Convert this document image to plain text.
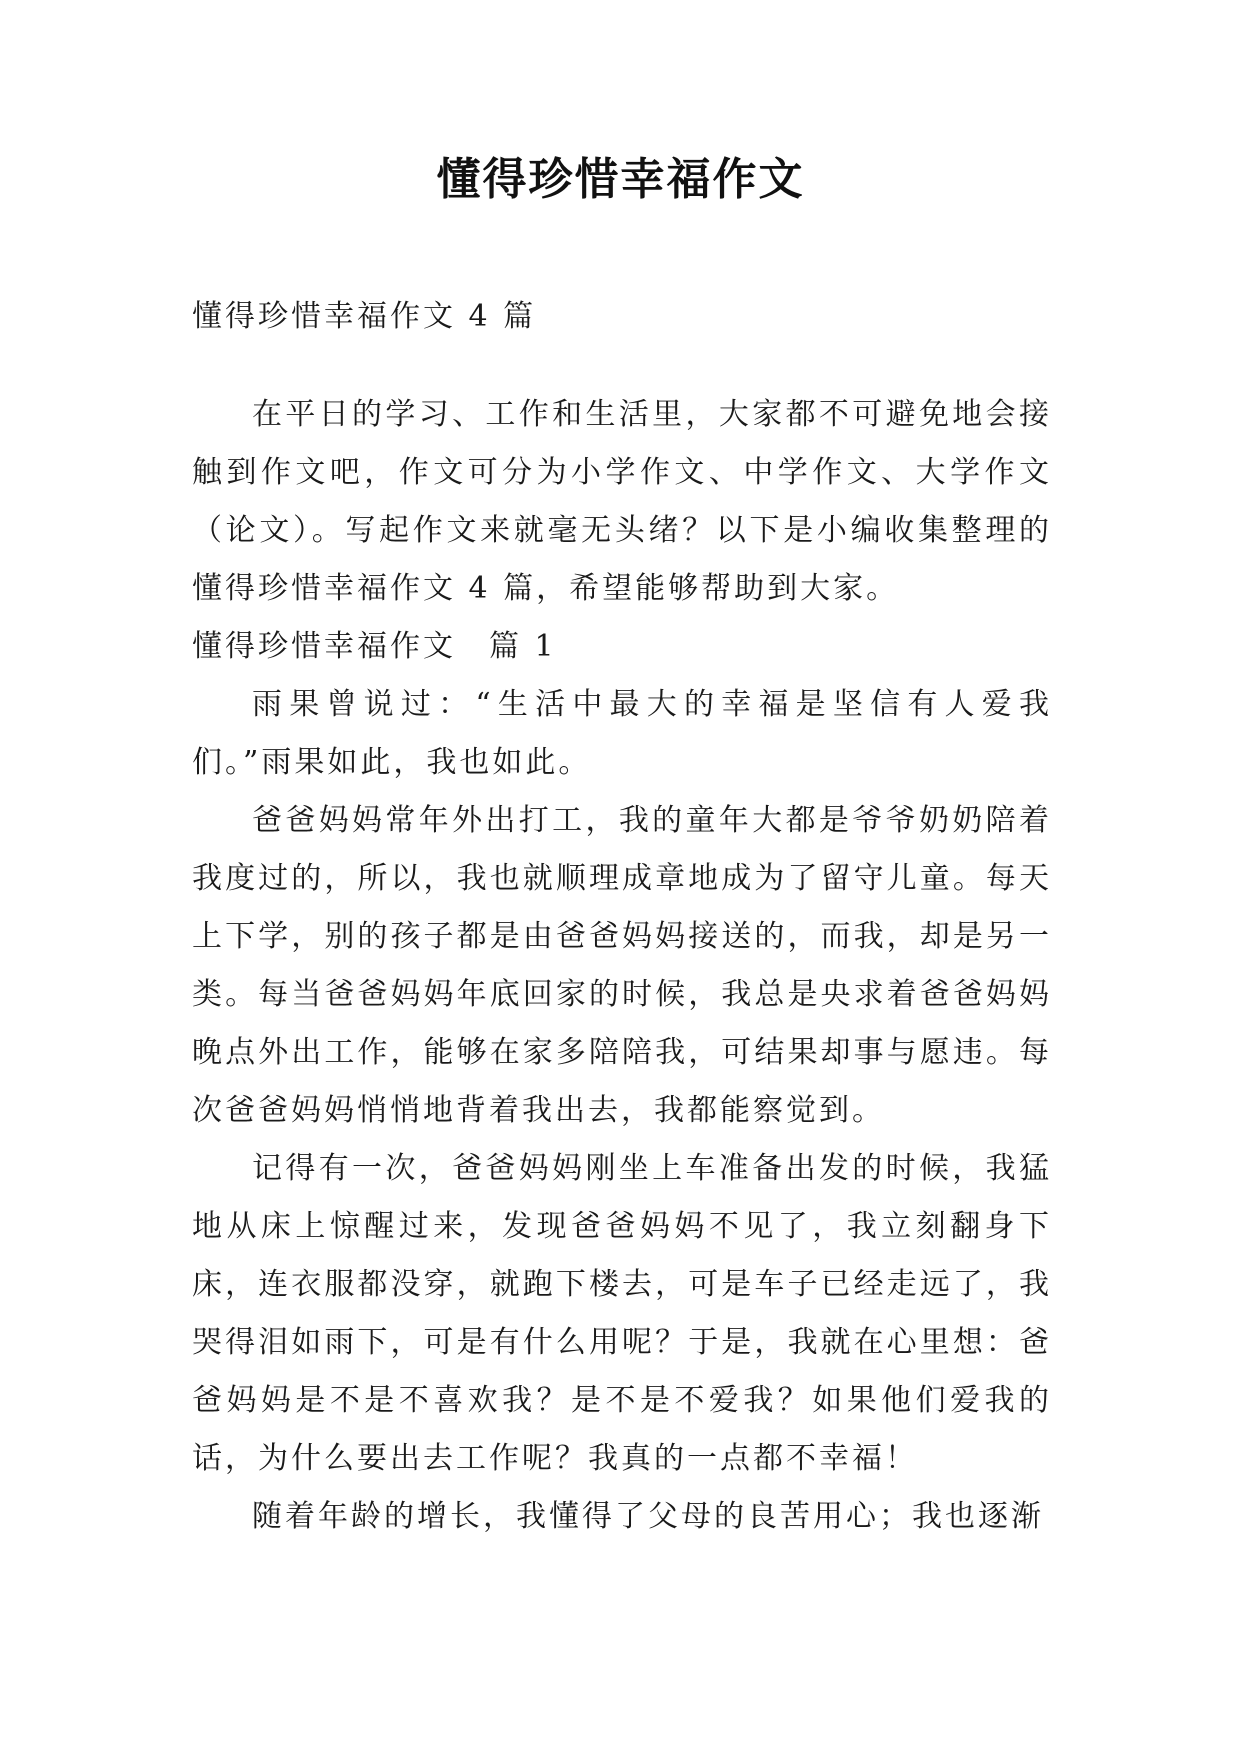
懂得珍惜幸福作文

懂得珍惜幸福作文 4 篇

在平日的学习、工作和生活里，大家都不可避免地会接触到作文吧，作文可分为小学作文、中学作文、大学作文（论文）。写起作文来就毫无头绪？以下是小编收集整理的懂得珍惜幸福作文 4 篇，希望能够帮助到大家。

懂得珍惜幸福作文　篇 1

雨果曾说过：“生活中最大的幸福是坚信有人爱我们。”雨果如此，我也如此。

爸爸妈妈常年外出打工，我的童年大都是爷爷奶奶陪着我度过的，所以，我也就顺理成章地成为了留守儿童。每天上下学，别的孩子都是由爸爸妈妈接送的，而我，却是另一类。每当爸爸妈妈年底回家的时候，我总是央求着爸爸妈妈晚点外出工作，能够在家多陪陪我，可结果却事与愿违。每次爸爸妈妈悄悄地背着我出去，我都能察觉到。

记得有一次，爸爸妈妈刚坐上车准备出发的时候，我猛地从床上惊醒过来，发现爸爸妈妈不见了，我立刻翻身下床，连衣服都没穿，就跑下楼去，可是车子已经走远了，我哭得泪如雨下，可是有什么用呢？于是，我就在心里想：爸爸妈妈是不是不喜欢我？是不是不爱我？如果他们爱我的话，为什么要出去工作呢？我真的一点都不幸福！

随着年龄的增长，我懂得了父母的良苦用心；我也逐渐
